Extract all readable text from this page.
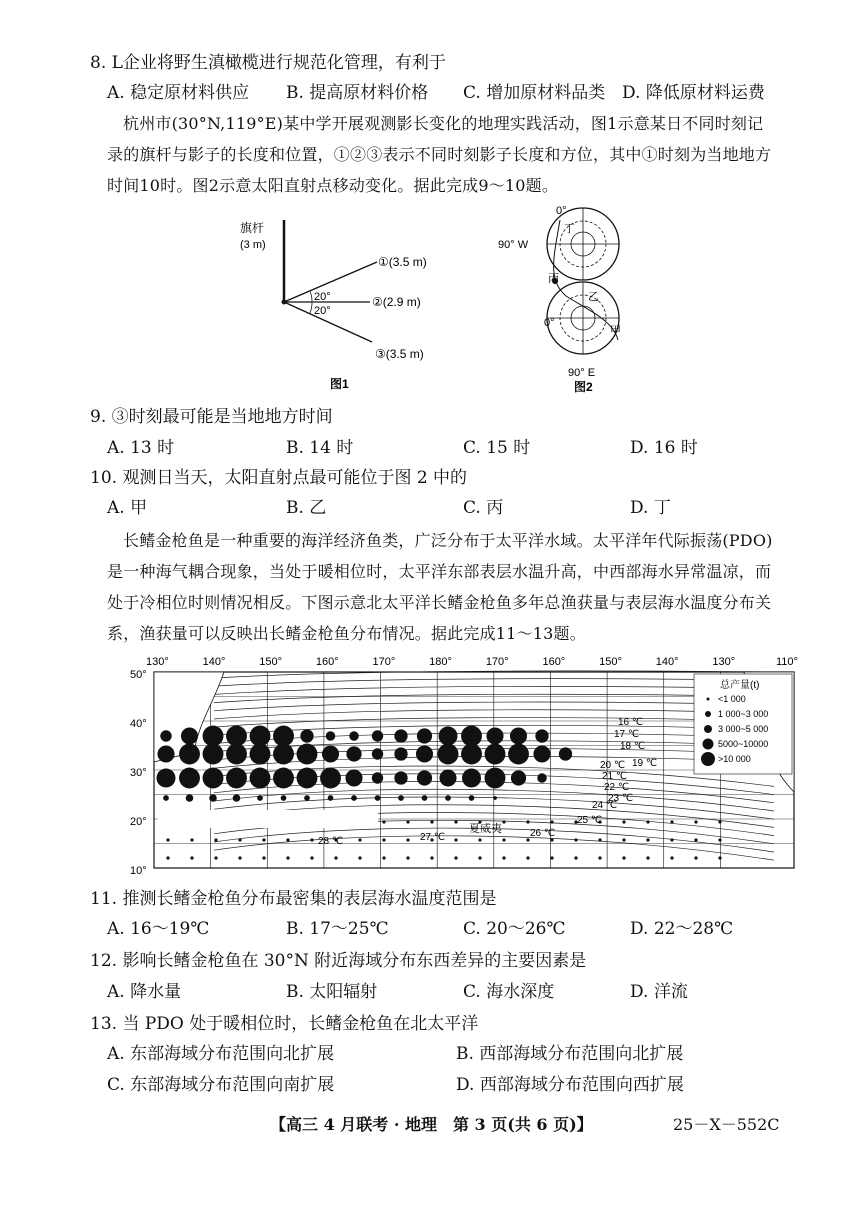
8. L企业将野生滇橄榄进行规范化管理，有利于
A. 稳定原材料供应 B. 提高原材料价格 C. 增加原材料品类 D. 降低原材料运费
杭州市(30°N,119°E)某中学开展观测影长变化的地理实践活动，图1示意某日不同时刻记录的旗杆与影子的长度和位置，①②③表示不同时刻影子长度和方位，其中①时刻为当地地方时间10时。图2示意太阳直射点移动变化。据此完成9～10题。
旗杆
(3 m)
①(3.5 m)
②(2.9 m)
③(3.5 m)
20°
20°
图1
0°
丁
90° W
丙
乙
0°
甲
90° E
图2
9. ③时刻最可能是当地地方时间
A. 13 时	B. 14 时	C. 15 时	D. 16 时
10. 观测日当天，太阳直射点最可能位于图 2 中的
A. 甲	B. 乙	C. 丙	D. 丁
长鳍金枪鱼是一种重要的海洋经济鱼类，广泛分布于太平洋水域。太平洋年代际振荡(PDO)是一种海气耦合现象，当处于暖相位时，太平洋东部表层水温升高，中西部海水异常温凉，而处于冷相位时则情况相反。下图示意北太平洋长鳍金枪鱼多年总渔获量与表层海水温度分布关系，渔获量可以反映出长鳍金枪鱼分布情况。据此完成11～13题。
130°	140°	150°	160°	170°	180°	170°	160°	150°	140°	130°	110°
50°
40°
30°
20°
10°
16 ℃
17 ℃
18 ℃
19 ℃
20 ℃
21 ℃
22 ℃
23 ℃
24 ℃
25 ℃
26 ℃
27 ℃
28 ℃
夏威夷
总产量(t)
<1 000
1 000~3 000
3 000~5 000
5000~10000
>10 000
11. 推测长鳍金枪鱼分布最密集的表层海水温度范围是
A. 16～19℃	B. 17～25℃	C. 20～26℃	D. 22～28℃
12. 影响长鳍金枪鱼在 30°N 附近海域分布东西差异的主要因素是
A. 降水量	B. 太阳辐射	C. 海水深度	D. 洋流
13. 当 PDO 处于暖相位时，长鳍金枪鱼在北太平洋
A. 东部海域分布范围向北扩展	B. 西部海域分布范围向北扩展
C. 东部海域分布范围向南扩展	D. 西部海域分布范围向西扩展
【高三 4 月联考 · 地理　第 3 页(共 6 页)】	25－X－552C
